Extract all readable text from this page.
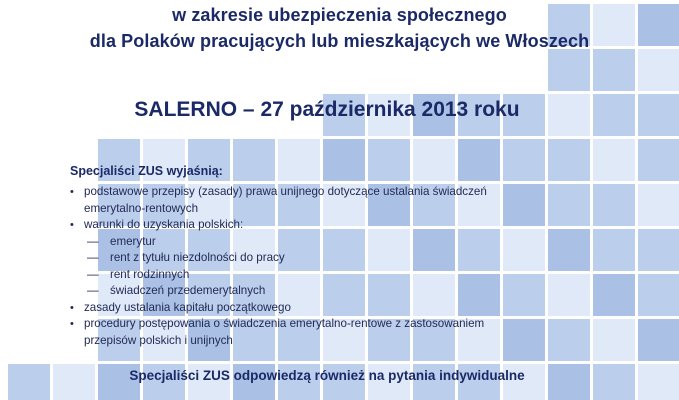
w zakresie ubezpieczenia społecznego
dla Polaków pracujących lub mieszkających we Włoszech
SALERNO – 27 października 2013 roku
Specjaliści ZUS wyjaśnią:
• podstawowe przepisy (zasady) prawa unijnego dotyczące ustalania świadczeń emerytalno-rentowych
• warunki do uzyskania polskich:
— emerytur
— rent z tytułu niezdolności do pracy
— rent rodzinnych
— świadczeń przedemerytalnych
• zasady ustalania kapitału początkowego
• procedury postępowania o świadczenia emerytalno-rentowe z zastosowaniem przepisów polskich i unijnych
Specjaliści ZUS odpowiedzą również na pytania indywidualne
